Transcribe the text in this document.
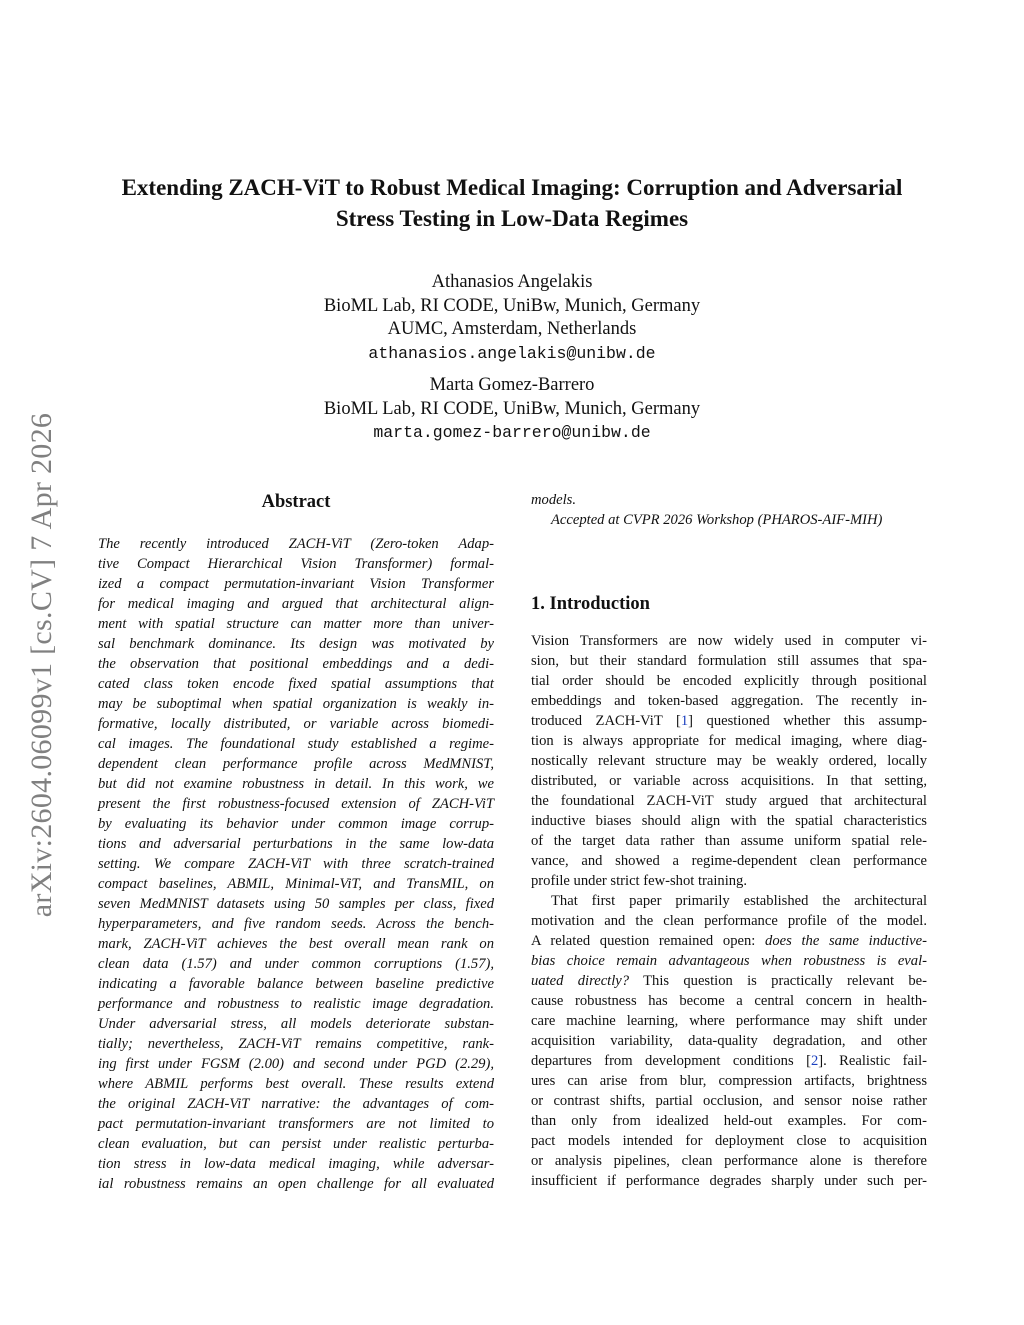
arXiv:2604.06099v1 [cs.CV] 7 Apr 2026
Extending ZACH-ViT to Robust Medical Imaging: Corruption and Adversarial
Stress Testing in Low-Data Regimes
Athanasios Angelakis
BioML Lab, RI CODE, UniBw, Munich, Germany
AUMC, Amsterdam, Netherlands
athanasios.angelakis@unibw.de
Marta Gomez-Barrero
BioML Lab, RI CODE, UniBw, Munich, Germany
marta.gomez-barrero@unibw.de
Abstract
The recently introduced ZACH-ViT (Zero-token Adap-
tive Compact Hierarchical Vision Transformer) formal-
ized a compact permutation-invariant Vision Transformer
for medical imaging and argued that architectural align-
ment with spatial structure can matter more than univer-
sal benchmark dominance. Its design was motivated by
the observation that positional embeddings and a dedi-
cated class token encode fixed spatial assumptions that
may be suboptimal when spatial organization is weakly in-
formative, locally distributed, or variable across biomedi-
cal images. The foundational study established a regime-
dependent clean performance profile across MedMNIST,
but did not examine robustness in detail. In this work, we
present the first robustness-focused extension of ZACH-ViT
by evaluating its behavior under common image corrup-
tions and adversarial perturbations in the same low-data
setting. We compare ZACH-ViT with three scratch-trained
compact baselines, ABMIL, Minimal-ViT, and TransMIL, on
seven MedMNIST datasets using 50 samples per class, fixed
hyperparameters, and five random seeds. Across the bench-
mark, ZACH-ViT achieves the best overall mean rank on
clean data (1.57) and under common corruptions (1.57),
indicating a favorable balance between baseline predictive
performance and robustness to realistic image degradation.
Under adversarial stress, all models deteriorate substan-
tially; nevertheless, ZACH-ViT remains competitive, rank-
ing first under FGSM (2.00) and second under PGD (2.29),
where ABMIL performs best overall. These results extend
the original ZACH-ViT narrative: the advantages of com-
pact permutation-invariant transformers are not limited to
clean evaluation, but can persist under realistic perturba-
tion stress in low-data medical imaging, while adversar-
ial robustness remains an open challenge for all evaluated
models.
Accepted at CVPR 2026 Workshop (PHAROS-AIF-MIH)
1. Introduction
Vision Transformers are now widely used in computer vi-
sion, but their standard formulation still assumes that spa-
tial order should be encoded explicitly through positional
embeddings and token-based aggregation. The recently in-
troduced ZACH-ViT [1] questioned whether this assump-
tion is always appropriate for medical imaging, where diag-
nostically relevant structure may be weakly ordered, locally
distributed, or variable across acquisitions. In that setting,
the foundational ZACH-ViT study argued that architectural
inductive biases should align with the spatial characteristics
of the target data rather than assume uniform spatial rele-
vance, and showed a regime-dependent clean performance
profile under strict few-shot training.
That first paper primarily established the architectural
motivation and the clean performance profile of the model.
A related question remained open: does the same inductive-
bias choice remain advantageous when robustness is eval-
uated directly? This question is practically relevant be-
cause robustness has become a central concern in health-
care machine learning, where performance may shift under
acquisition variability, data-quality degradation, and other
departures from development conditions [2]. Realistic fail-
ures can arise from blur, compression artifacts, brightness
or contrast shifts, partial occlusion, and sensor noise rather
than only from idealized held-out examples. For com-
pact models intended for deployment close to acquisition
or analysis pipelines, clean performance alone is therefore
insufficient if performance degrades sharply under such per-
